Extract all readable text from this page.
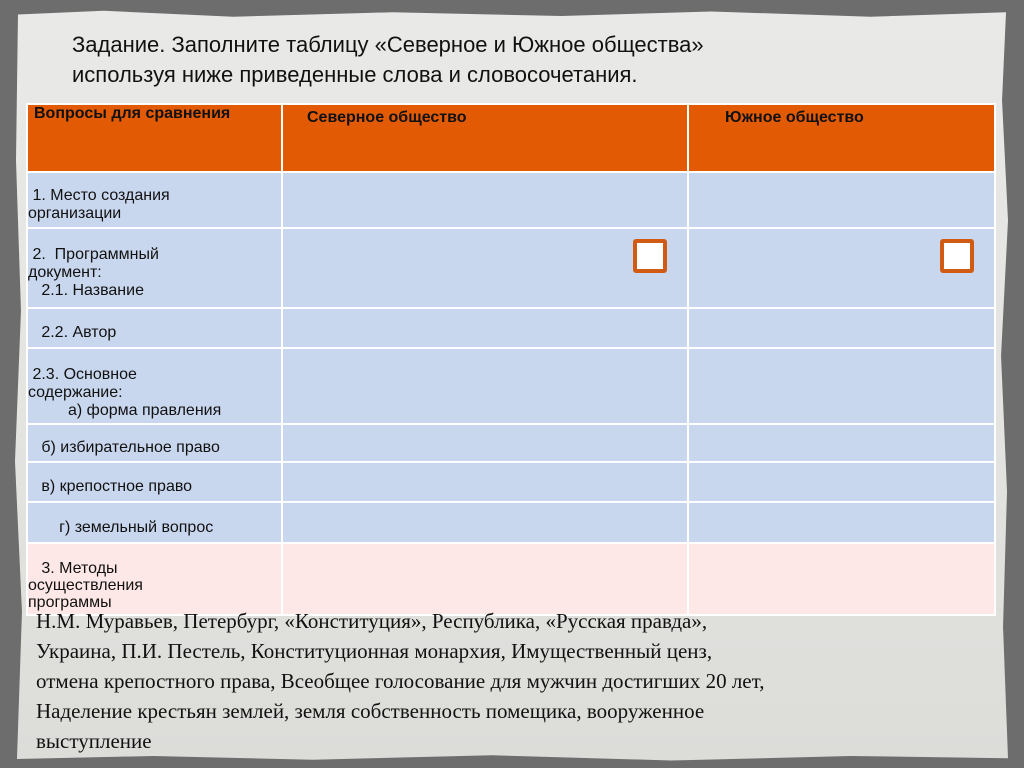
Задание. Заполните таблицу «Северное и Южное общества»
используя ниже приведенные слова и словосочетания.
Вопросы для сравнения	Северное общество	Южное общество

1. Место создания
организации		

2.  Программный
документ:
2.1. Название		

2.2. Автор		

2.3. Основное
содержание:
а) форма правления		

б) избирательное право		

в) крепостное право		

г) земельный вопрос		

3. Методы
осуществления
программы		

Н.М. Муравьев, Петербург, «Конституция», Республика, «Русская правда»,
Украина, П.И. Пестель, Конституционная монархия, Имущественный ценз,
отмена крепостного права, Всеобщее голосование для мужчин достигших 20 лет,
Наделение крестьян землей, земля собственность помещика, вооруженное
выступление
